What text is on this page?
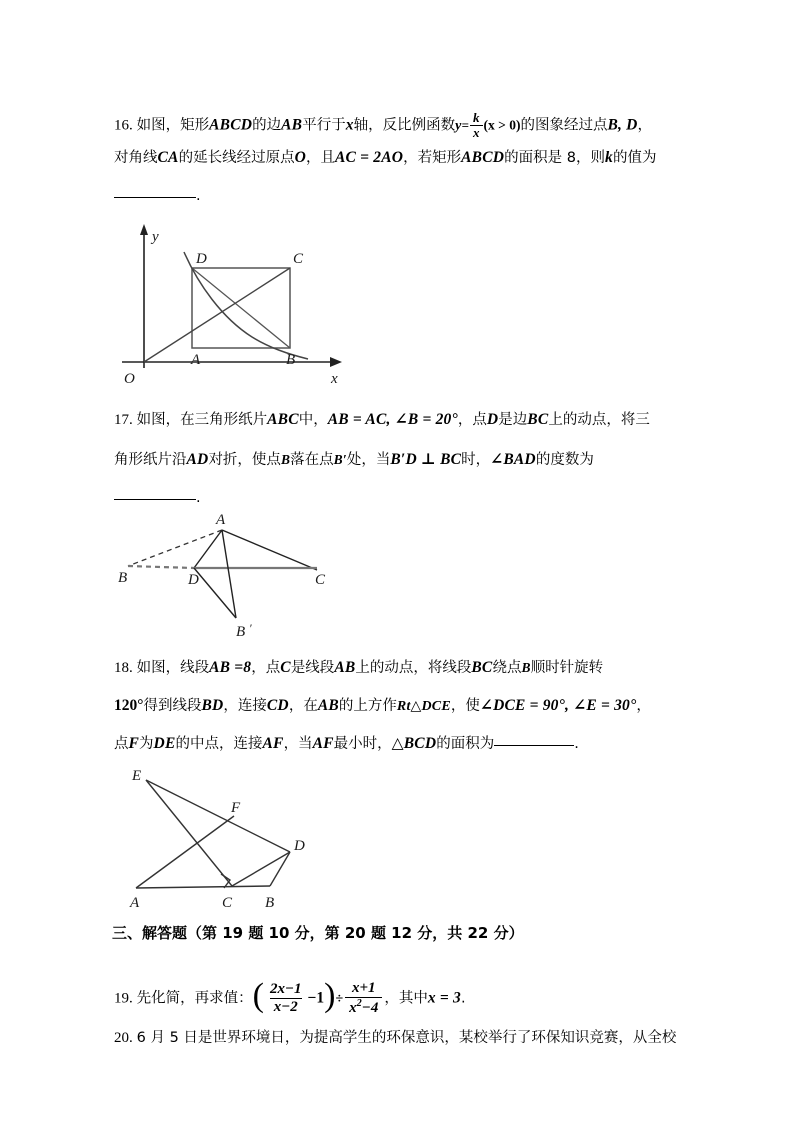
16. 如图，矩形ABCD的边AB平行于x轴，反比例函数$y= \frac{k}{x} (x > 0)$的图象经过点B, D，
对角线CA的延长线经过原点O，且AC = 2AO，若矩形ABCD的面积是 8，则k的值为
.
D	C
A	B
y
x
O
17. 如图，在三角形纸片ABC中，AB = AC, ∠B = 20°，点D是边BC上的动点，将三
角形纸片沿AD对折，使点B落在点B′处，当B′D ⊥ BC时，∠BAD的度数为
.
A
B	D	C
B ′
18. 如图，线段AB =8，点C是线段AB上的动点，将线段BC绕点B顺时针旋转
120°得到线段BD，连接CD，在AB的上方作Rt△DCE，使∠DCE = 90°, ∠E = 30°，
点F为DE的中点，连接AF，当AF最小时，△BCD的面积为	.
E
F
D
A	C B
三、解答题（第 19 题 10 分，第 20 题 12 分，共 22 分）
19. 先化简，再求值：( $\frac{2x-1}{x-2} -1)\div \frac{x+1}{x^2-4}$ ，其中x = 3.
20. 6 月 5 日是世界环境日，为提高学生的环保意识，某校举行了环保知识竞赛，从全校
